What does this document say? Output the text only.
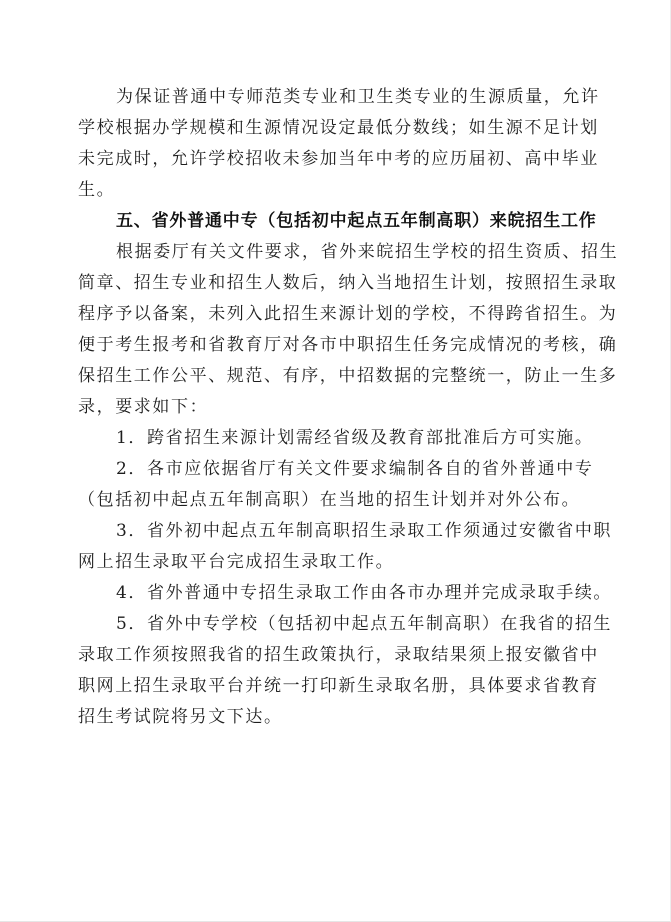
为保证普通中专师范类专业和卫生类专业的生源质量，允许

学校根据办学规模和生源情况设定最低分数线；如生源不足计划

未完成时，允许学校招收未参加当年中考的应历届初、高中毕业

生。

五、省外普通中专（包括初中起点五年制高职）来皖招生工作

根据委厅有关文件要求，省外来皖招生学校的招生资质、招生

简章、招生专业和招生人数后，纳入当地招生计划，按照招生录取

程序予以备案，未列入此招生来源计划的学校，不得跨省招生。为

便于考生报考和省教育厅对各市中职招生任务完成情况的考核，确

保招生工作公平、规范、有序，中招数据的完整统一，防止一生多

录，要求如下：

1．跨省招生来源计划需经省级及教育部批准后方可实施。

2．各市应依据省厅有关文件要求编制各自的省外普通中专

（包括初中起点五年制高职）在当地的招生计划并对外公布。

3．省外初中起点五年制高职招生录取工作须通过安徽省中职

网上招生录取平台完成招生录取工作。

4．省外普通中专招生录取工作由各市办理并完成录取手续。

5．省外中专学校（包括初中起点五年制高职）在我省的招生

录取工作须按照我省的招生政策执行，录取结果须上报安徽省中

职网上招生录取平台并统一打印新生录取名册，具体要求省教育

招生考试院将另文下达。
